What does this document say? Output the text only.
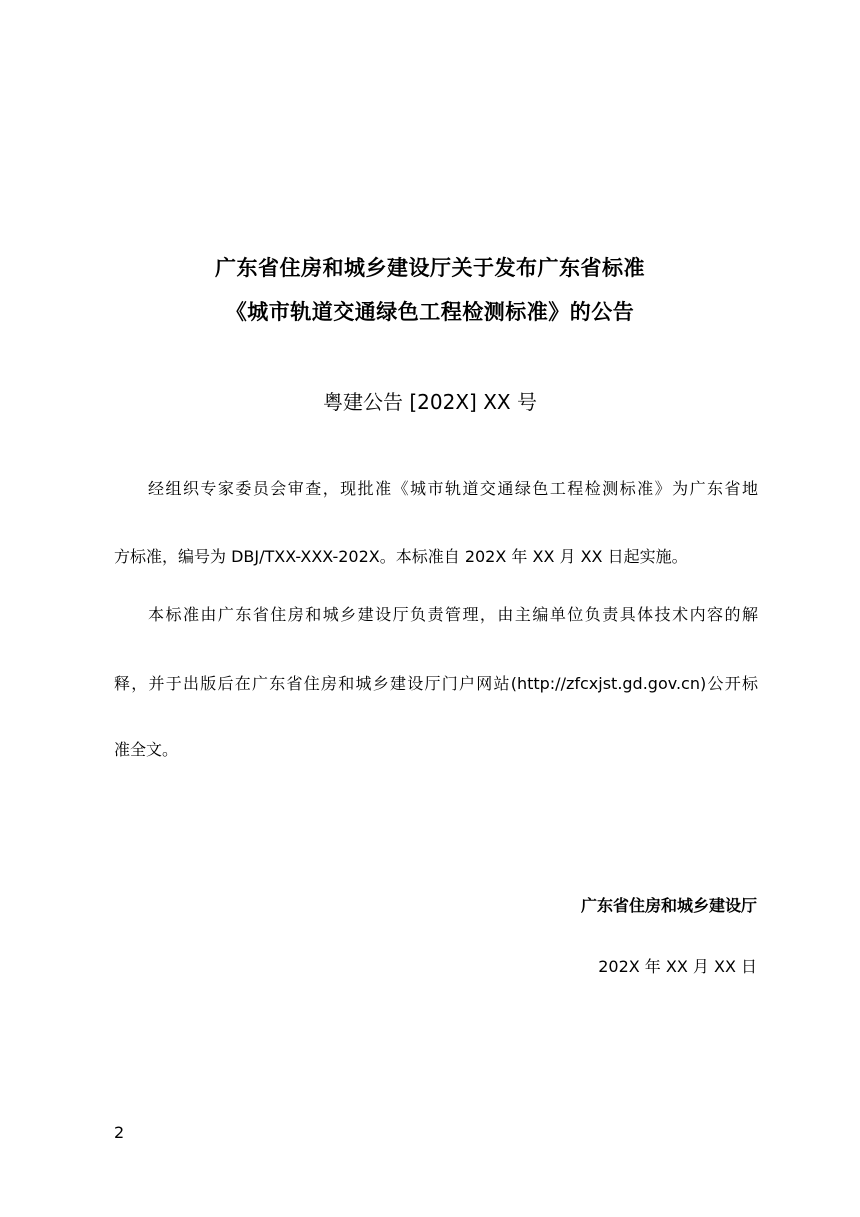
广东省住房和城乡建设厅关于发布广东省标准
《城市轨道交通绿色工程检测标准》的公告
粤建公告 [202X] XX 号
经组织专家委员会审查，现批准《城市轨道交通绿色工程检测标准》为广东省地
方标准，编号为 DBJ/TXX-XXX-202X。本标准自 202X 年 XX 月 XX 日起实施。
本标准由广东省住房和城乡建设厅负责管理，由主编单位负责具体技术内容的解
释，并于出版后在广东省住房和城乡建设厅门户网站(http://zfcxjst.gd.gov.cn)公开标
准全文。
广东省住房和城乡建设厅
202X 年 XX 月 XX 日
2
